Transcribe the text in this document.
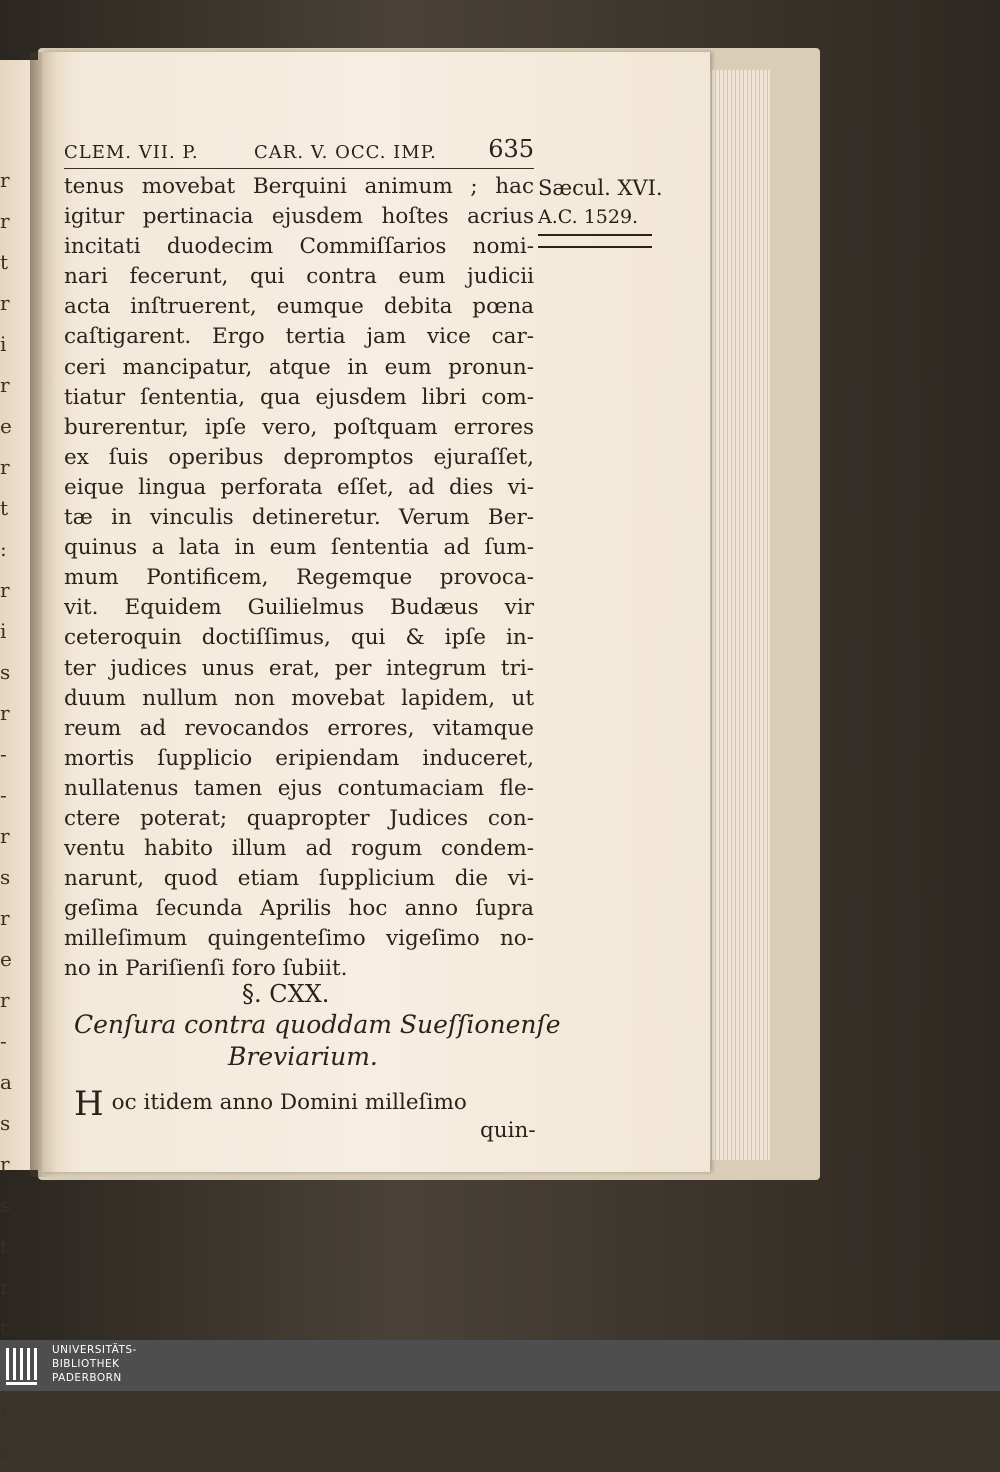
r
r
t
r
i
r
e
r
t
:
r
i
s
r
-
-
r
s
r
e
r
-
a
s
r
s
t
r
t
r
s
CLEM. VII. P.	CAR. V. OCC. IMP. 635
Sæcul. XVI.
A.C. 1529.
tenus movebat Berquini animum ; hac
igitur pertinacia ejusdem hoſtes acrius
incitati duodecim Commiſſarios nomi-
nari fecerunt, qui contra eum judicii
acta inſtruerent, eumque debita pœna
caſtigarent. Ergo tertia jam vice car-
ceri mancipatur, atque in eum pronun-
tiatur ſententia, qua ejusdem libri com-
burerentur, ipſe vero, poſtquam errores
ex ſuis operibus depromptos ejuraſſet,
eique lingua perforata eſſet, ad dies vi-
tæ in vinculis detineretur. Verum Ber-
quinus a lata in eum ſententia ad ſum-
mum Pontificem, Regemque provoca-
vit. Equidem Guilielmus Budæus vir
ceteroquin doctiſſimus, qui & ipſe in-
ter judices unus erat, per integrum tri-
duum nullum non movebat lapidem, ut
reum ad revocandos errores, vitamque
mortis ſupplicio eripiendam induceret,
nullatenus tamen ejus contumaciam fle-
ctere poterat; quapropter Judices con-
ventu habito illum ad rogum condem-
narunt, quod etiam ſupplicium die vi-
geſima ſecunda Aprilis hoc anno ſupra
milleſimum quingenteſimo vigeſimo no-
no in Pariſienſi foro ſubiit.
§. CXX.
Cenſura contra quoddam Sueſſionenſe
Breviarium.
Hoc itidem anno Domini milleſimo
quin-
UNIVERSITÄTS-
BIBLIOTHEK
PADERBORN
